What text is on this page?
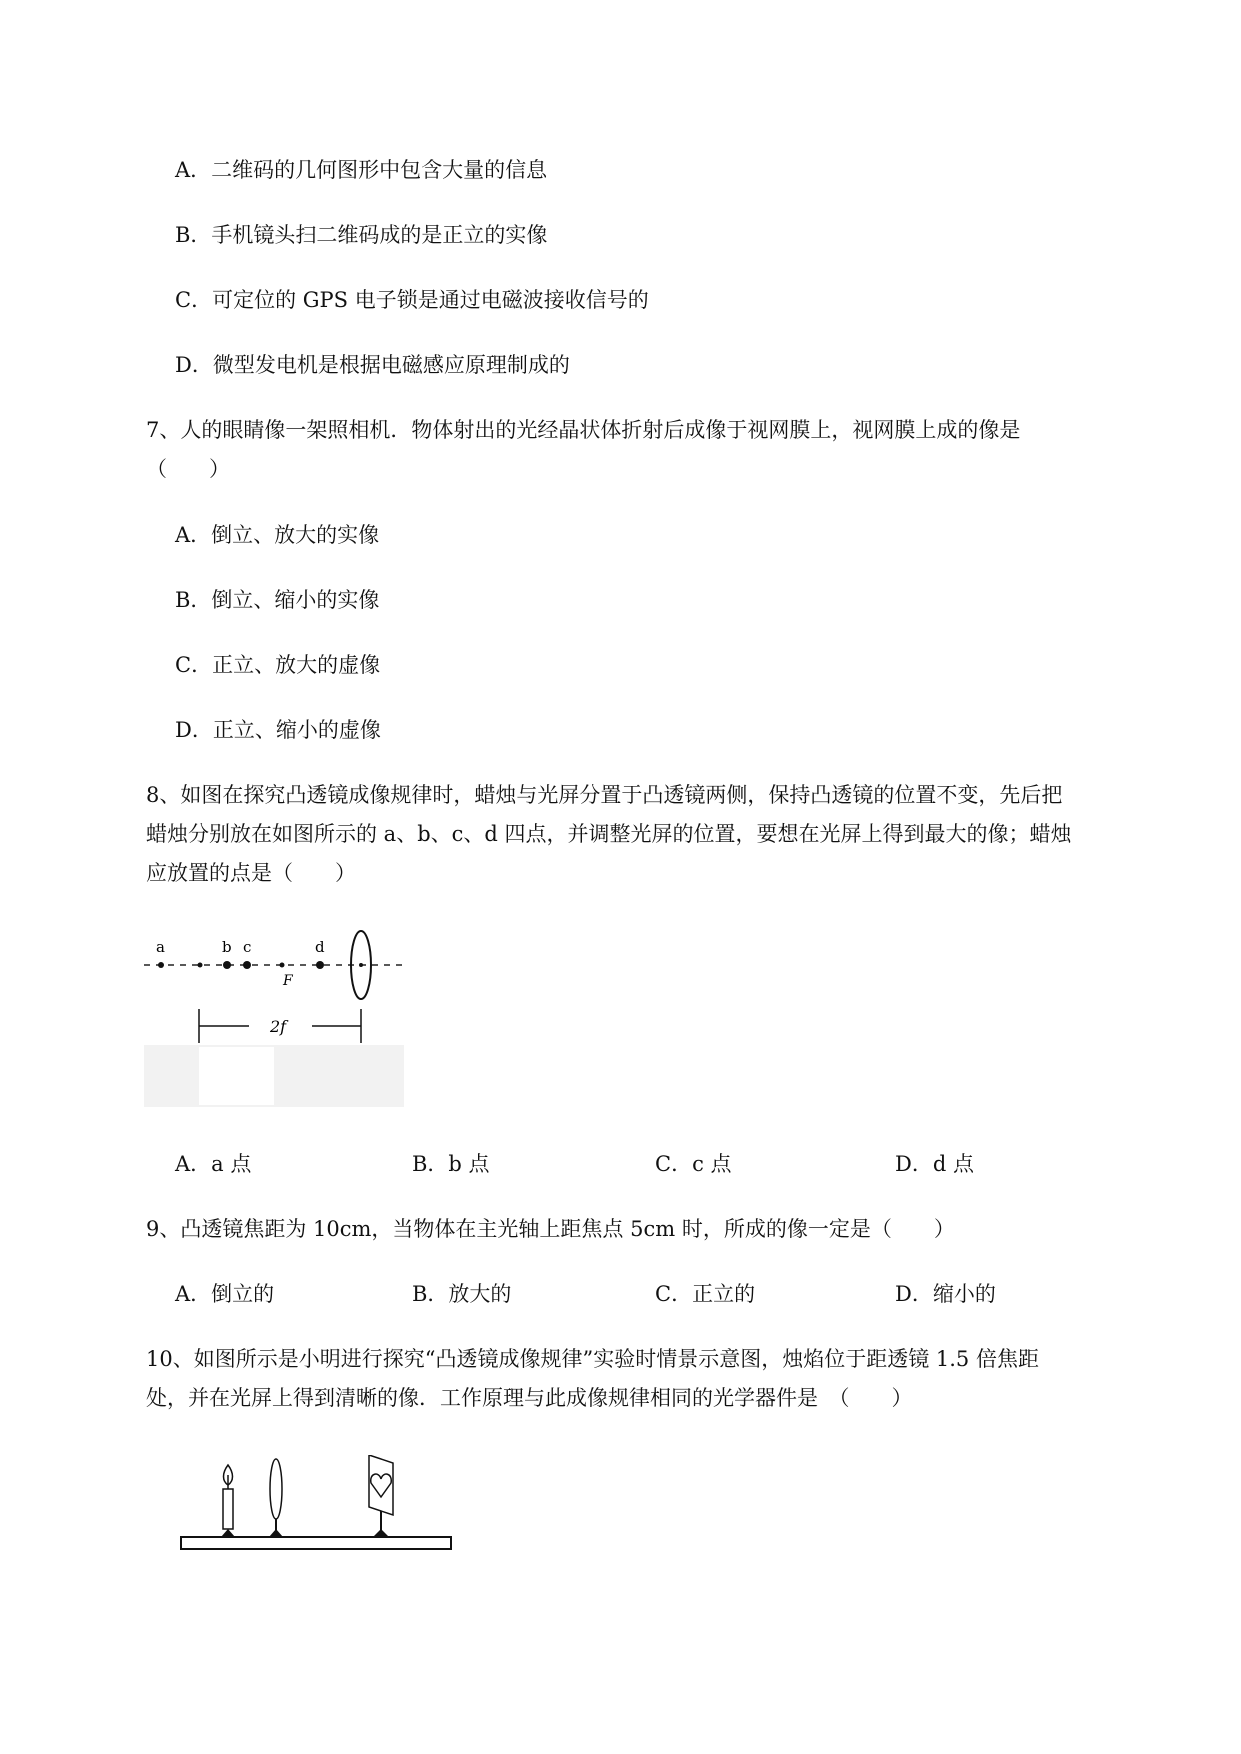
A．二维码的几何图形中包含大量的信息
B．手机镜头扫二维码成的是正立的实像
C．可定位的 GPS 电子锁是通过电磁波接收信号的
D．微型发电机是根据电磁感应原理制成的
7、人的眼睛像一架照相机．物体射出的光经晶状体折射后成像于视网膜上，视网膜上成的像是
（　　）
A．倒立、放大的实像
B．倒立、缩小的实像
C．正立、放大的虚像
D．正立、缩小的虚像
8、如图在探究凸透镜成像规律时，蜡烛与光屏分置于凸透镜两侧，保持凸透镜的位置不变，先后把
蜡烛分别放在如图所示的 a、b、c、d 四点，并调整光屏的位置，要想在光屏上得到最大的像；蜡烛
应放置的点是（　　）
a	b c	d
F
2f
A．a 点	B．b 点	C．c 点	D．d 点
9、凸透镜焦距为 10cm，当物体在主光轴上距焦点 5cm 时，所成的像一定是（　　）
A．倒立的	B．放大的	C．正立的	D．缩小的
10、如图所示是小明进行探究“凸透镜成像规律”实验时情景示意图，烛焰位于距透镜 1.5 倍焦距
处，并在光屏上得到清晰的像．工作原理与此成像规律相同的光学器件是　（　　）
